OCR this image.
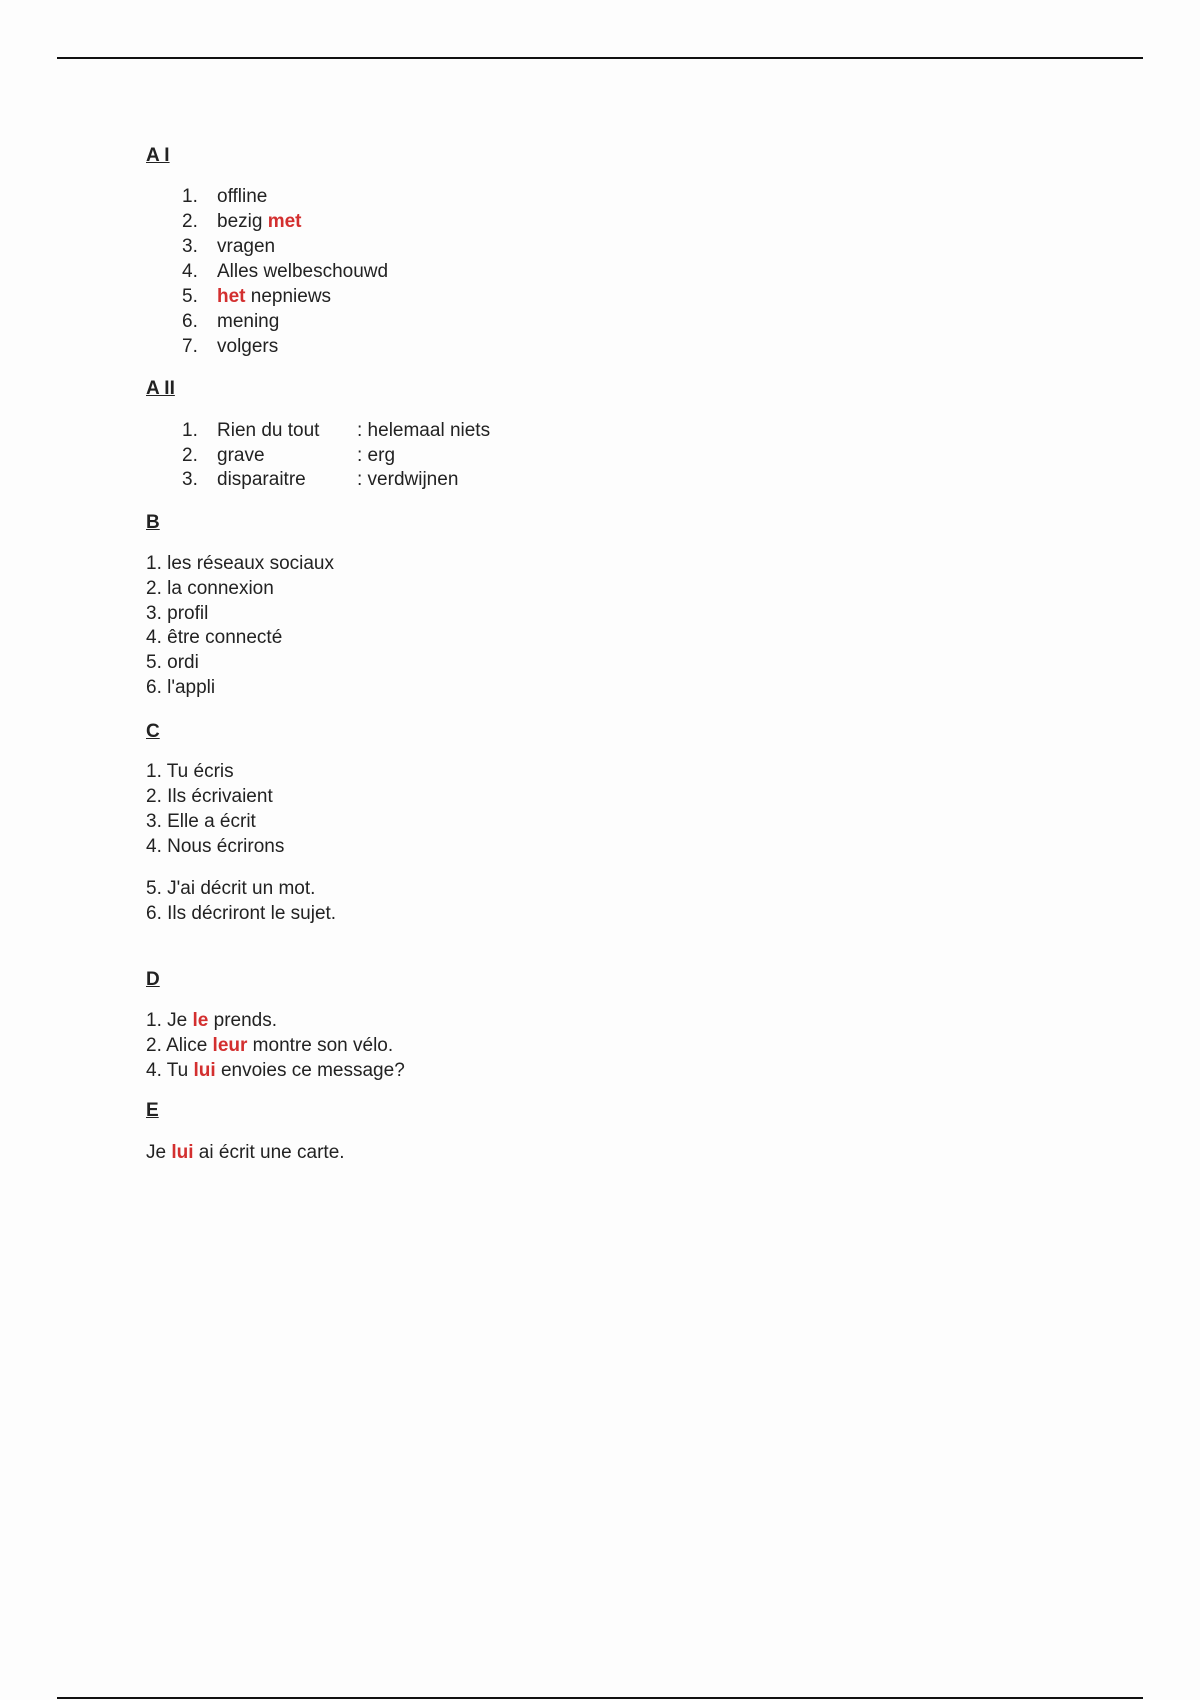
A I
1. offline
2. bezig met
3. vragen
4. Alles welbeschouwd
5. het nepniews
6. mening
7. volgers
A II
1. Rien du tout : helemaal niets
2. grave	: erg
3. disparaitre	: verdwijnen
B
1. les réseaux sociaux
2. la connexion
3. profil
4. être connecté
5. ordi
6. l'appli
C
1. Tu écris
2. Ils écrivaient
3. Elle a écrit
4. Nous écrirons
5. J'ai décrit un mot.
6. Ils décriront le sujet.
D
1. Je le prends.
2. Alice leur montre son vélo.
4. Tu lui envoies ce message?
E
Je lui ai écrit une carte.
